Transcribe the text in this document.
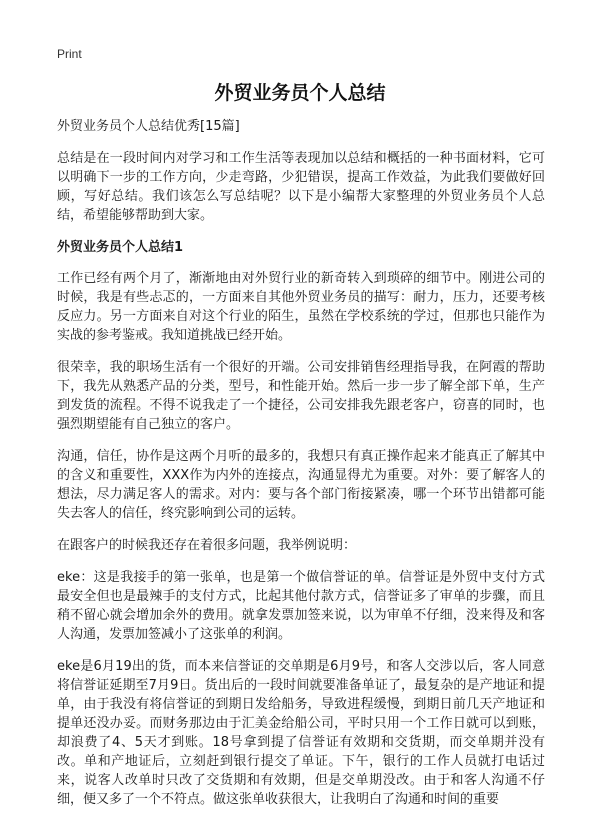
Print
外贸业务员个人总结

外贸业务员个人总结优秀[15篇]

总结是在一段时间内对学习和工作生活等表现加以总结和概括的一种书面材料，它可以明确下一步的工作方向，少走弯路，少犯错误，提高工作效益，为此我们要做好回顾，写好总结。我们该怎么写总结呢？以下是小编帮大家整理的外贸业务员个人总结，希望能够帮助到大家。

外贸业务员个人总结1

工作已经有两个月了，渐渐地由对外贸行业的新奇转入到琐碎的细节中。刚进公司的时候，我是有些忐忑的，一方面来自其他外贸业务员的描写：耐力，压力，还要考核反应力。另一方面来自对这个行业的陌生，虽然在学校系统的学过，但那也只能作为实战的参考鉴戒。我知道挑战已经开始。

很荣幸，我的职场生活有一个很好的开端。公司安排销售经理指导我，在阿霞的帮助下，我先从熟悉产品的分类，型号，和性能开始。然后一步一步了解全部下单，生产到发货的流程。不得不说我走了一个捷径，公司安排我先跟老客户，窃喜的同时，也强烈期望能有自己独立的客户。

沟通，信任，协作是这两个月听的最多的，我想只有真正操作起来才能真正了解其中的含义和重要性，XXX作为内外的连接点，沟通显得尤为重要。对外：要了解客人的想法，尽力满足客人的需求。对内：要与各个部门衔接紧凑，哪一个环节出错都可能失去客人的信任，终究影响到公司的运转。

在跟客户的时候我还存在着很多问题，我举例说明：

eke：这是我接手的第一张单，也是第一个做信誉证的单。信誉证是外贸中支付方式最安全但也是最辣手的支付方式，比起其他付款方式，信誉证多了审单的步骤，而且稍不留心就会增加余外的费用。就拿发票加签来说，以为审单不仔细，没来得及和客人沟通，发票加签减小了这张单的利润。

eke是6月19出的货，而本来信誉证的交单期是6月9号，和客人交涉以后，客人同意将信誉证延期至7月9日。货出后的一段时间就要准备单证了，最复杂的是产地证和提单，由于我没有将信誉证的到期日发给船务，导致进程缓慢，到期日前几天产地证和提单还没办妥。而财务那边由于汇美金给船公司，平时只用一个工作日就可以到账，却浪费了4、5天才到账。18号拿到提了信誉证有效期和交货期，而交单期并没有改。单和产地证后，立刻赶到银行提交了单证。下午，银行的工作人员就打电话过来，说客人改单时只改了交货期和有效期，但是交单期没改。由于和客人沟通不仔细，便又多了一个不符点。做这张单收获很大，让我明白了沟通和时间的重要
